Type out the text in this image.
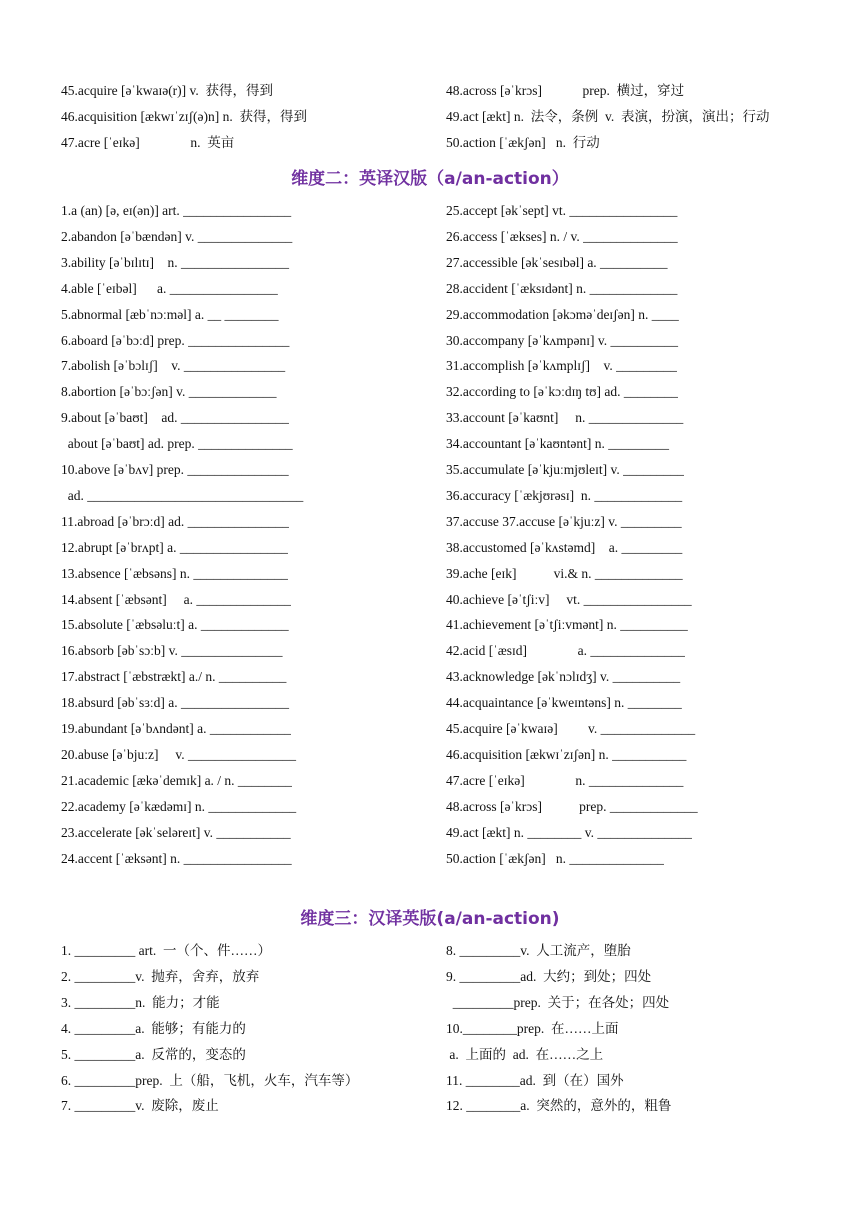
45.acquire [əˈkwaɪə(r)] v.  获得，得到	48.across [əˈkrɔs]            prep.  横过，穿过
46.acquisition [ækwɪˈzɪʃ(ə)n] n.  获得，得到	49.act [ækt] n.  法令，条例  v.  表演，扮演，演出；行动
47.acre [ˈeɪkə]               n.  英亩	50.action [ˈækʃən]   n.  行动
维度二：英译汉版（a/an-action）
1.a (an) [ə, eɪ(ən)] art. ________________	25.accept [əkˈsept] vt. ________________
2.abandon [əˈbændən] v. ______________	26.access [ˈækses] n. / v. ______________
3.ability [əˈbɪlɪtɪ]    n. ________________	27.accessible [əkˈsesɪbəl] a. __________
4.able [ˈeɪbəl]      a. ________________	28.accident [ˈæksɪdənt] n. _____________
5.abnormal [æbˈnɔːməl] a. __ ________	29.accommodation [əkɔməˈdeɪʃən] n. ____
6.aboard [əˈbɔːd] prep. _______________	30.accompany [əˈkʌmpənɪ] v. __________
7.abolish [əˈbɔlɪʃ]    v. _______________	31.accomplish [əˈkʌmplɪʃ]    v. _________
8.abortion [əˈbɔːʃən] v. _____________	32.according to [əˈkɔːdɪŋ tʊ] ad. ________
9.about [əˈbaʊt]    ad. ________________	33.account [əˈkaʊnt]     n. ______________
about [əˈbaʊt] ad. prep. ______________	34.accountant [əˈkaʊntənt] n. _________
10.above [əˈbʌv] prep. _______________	35.accumulate [əˈkjuːmjʊleɪt] v. _________
ad. ________________________________	36.accuracy [ˈækjʊrəsɪ]  n. _____________
11.abroad [əˈbrɔːd] ad. _______________	37.accuse 37.accuse [əˈkjuːz] v. _________
12.abrupt [əˈbrʌpt] a. ________________	38.accustomed [əˈkʌstəmd]    a. _________
13.absence [ˈæbsəns] n. ______________	39.ache [eɪk]           vi.& n. _____________
14.absent [ˈæbsənt]     a. ______________	40.achieve [əˈtʃiːv]     vt. ________________
15.absolute [ˈæbsəluːt] a. _____________	41.achievement [əˈtʃiːvmənt] n. __________
16.absorb [əbˈsɔːb] v. _______________	42.acid [ˈæsɪd]               a. ______________
17.abstract [ˈæbstrækt] a./ n. __________	43.acknowledge [əkˈnɔlɪdʒ] v. __________
18.absurd [əbˈsɜːd] a. ________________	44.acquaintance [əˈkweɪntəns] n. ________
19.abundant [əˈbʌndənt] a. ____________	45.acquire [əˈkwaɪə]         v. ______________
20.abuse [əˈbjuːz]     v. ________________	46.acquisition [ækwɪˈzɪʃən] n. ___________
21.academic [ækəˈdemɪk] a. / n. ________	47.acre [ˈeɪkə]               n. ______________
22.academy [əˈkædəmɪ] n. _____________	48.across [əˈkrɔs]           prep. _____________
23.accelerate [əkˈseləreɪt] v. ___________	49.act [ækt] n. ________ v. ______________
24.accent [ˈæksənt] n. ________________	50.action [ˈækʃən]   n. ______________
维度三：汉译英版(a/an-action)
1. _________ art.  一（个、件……）	8. _________v.  人工流产，堕胎
2. _________v.  抛弃，舍弃，放弃	9. _________ad.  大约；到处；四处
3. _________n.  能力；才能	_________prep.  关于；在各处；四处
4. _________a.  能够；有能力的	10.________prep.  在……上面
5. _________a.  反常的，变态的	a.  上面的  ad.  在……之上
6. _________prep.  上（船，飞机，火车，汽车等）	11. ________ad.  到（在）国外
7. _________v.  废除，废止	12. ________a.  突然的，意外的，粗鲁
